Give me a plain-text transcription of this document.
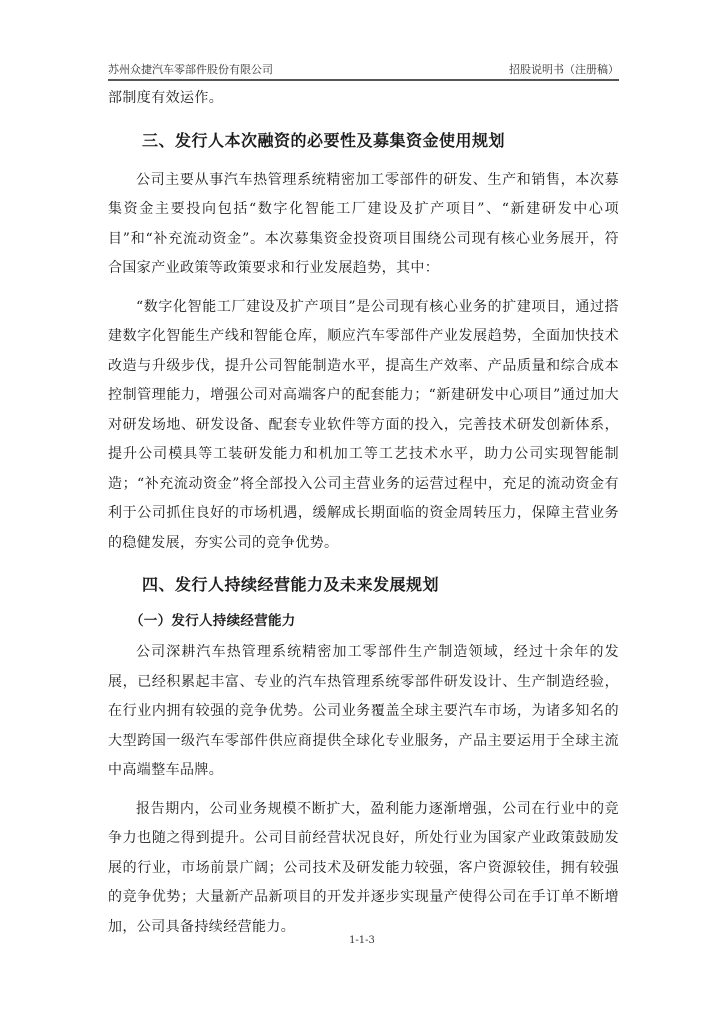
苏州众捷汽车零部件股份有限公司	招股说明书（注册稿）

部制度有效运作。

三、发行人本次融资的必要性及募集资金使用规划

公司主要从事汽车热管理系统精密加工零部件的研发、生产和销售，本次募集资金主要投向包括“数字化智能工厂建设及扩产项目”、“新建研发中心项目”和“补充流动资金”。本次募集资金投资项目围绕公司现有核心业务展开，符合国家产业政策等政策要求和行业发展趋势，其中：

“数字化智能工厂建设及扩产项目”是公司现有核心业务的扩建项目，通过搭建数字化智能生产线和智能仓库，顺应汽车零部件产业发展趋势，全面加快技术改造与升级步伐，提升公司智能制造水平，提高生产效率、产品质量和综合成本控制管理能力，增强公司对高端客户的配套能力；“新建研发中心项目”通过加大对研发场地、研发设备、配套专业软件等方面的投入，完善技术研发创新体系，提升公司模具等工装研发能力和机加工等工艺技术水平，助力公司实现智能制造；“补充流动资金”将全部投入公司主营业务的运营过程中，充足的流动资金有利于公司抓住良好的市场机遇，缓解成长期面临的资金周转压力，保障主营业务的稳健发展，夯实公司的竞争优势。

四、发行人持续经营能力及未来发展规划
（一）发行人持续经营能力

公司深耕汽车热管理系统精密加工零部件生产制造领域，经过十余年的发展，已经积累起丰富、专业的汽车热管理系统零部件研发设计、生产制造经验，在行业内拥有较强的竞争优势。公司业务覆盖全球主要汽车市场，为诸多知名的大型跨国一级汽车零部件供应商提供全球化专业服务，产品主要运用于全球主流中高端整车品牌。

报告期内，公司业务规模不断扩大，盈利能力逐渐增强，公司在行业中的竞争力也随之得到提升。公司目前经营状况良好，所处行业为国家产业政策鼓励发展的行业，市场前景广阔；公司技术及研发能力较强，客户资源较佳，拥有较强的竞争优势；大量新产品新项目的开发并逐步实现量产使得公司在手订单不断增加，公司具备持续经营能力。

1-1-3
